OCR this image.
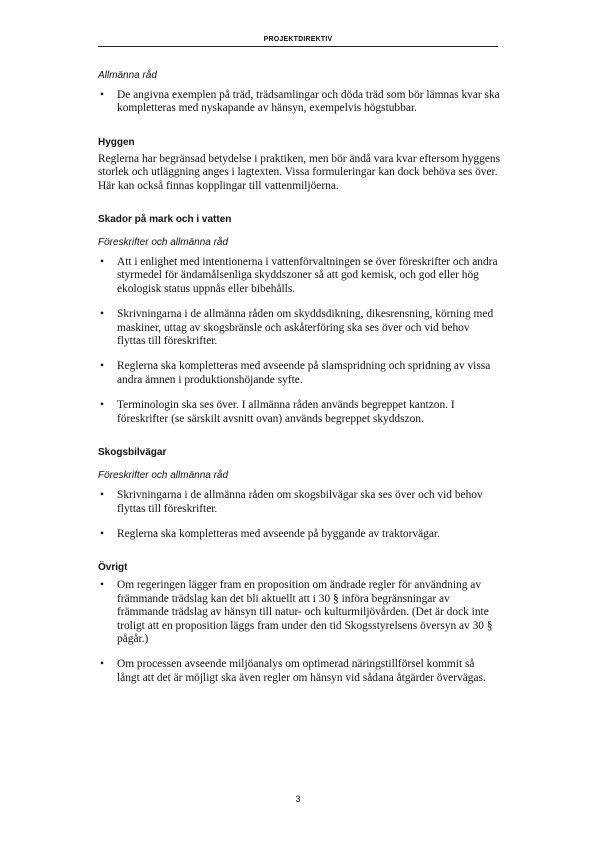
PROJEKTDIREKTIV
Allmänna råd
• De angivna exemplen på träd, trädsamlingar och döda träd som bör lämnas kvar ska kompletteras med nyskapande av hänsyn, exempelvis högstubbar.
Hyggen

Reglerna har begränsad betydelse i praktiken, men bör ändå vara kvar eftersom hyggens storlek och utläggning anges i lagtexten. Vissa formuleringar kan dock behöva ses över. Här kan också finnas kopplingar till vattenmiljöerna.

Skador på mark och i vatten
Föreskrifter och allmänna råd
• Att i enlighet med intentionerna i vattenförvaltningen se över föreskrifter och andra styrmedel för ändamålsenliga skyddszoner så att god kemisk, och god eller hög ekologisk status uppnås eller bibehålls.
• Skrivningarna i de allmänna råden om skyddsdikning, dikesrensning, körning med maskiner, uttag av skogsbränsle och askåterföring ska ses över och vid behov flyttas till föreskrifter.
• Reglerna ska kompletteras med avseende på slamspridning och spridning av vissa andra ämnen i produktionshöjande syfte.
• Terminologin ska ses över. I allmänna råden används begreppet kantzon. I föreskrifter (se särskilt avsnitt ovan) används begreppet skyddszon.
Skogsbilvägar
Föreskrifter och allmänna råd
• Skrivningarna i de allmänna råden om skogsbilvägar ska ses över och vid behov flyttas till föreskrifter.
• Reglerna ska kompletteras med avseende på byggande av traktorvägar.
Övrigt
• Om regeringen lägger fram en proposition om ändrade regler för användning av främmande trädslag kan det bli aktuellt att i 30 § införa begränsningar av främmande trädslag av hänsyn till natur- och kulturmiljövården. (Det är dock inte troligt att en proposition läggs fram under den tid Skogsstyrelsens översyn av 30 § pågår.)
• Om processen avseende miljöanalys om optimerad näringstillförsel kommit så långt att det är möjligt ska även regler om hänsyn vid sådana åtgärder övervägas.
3
